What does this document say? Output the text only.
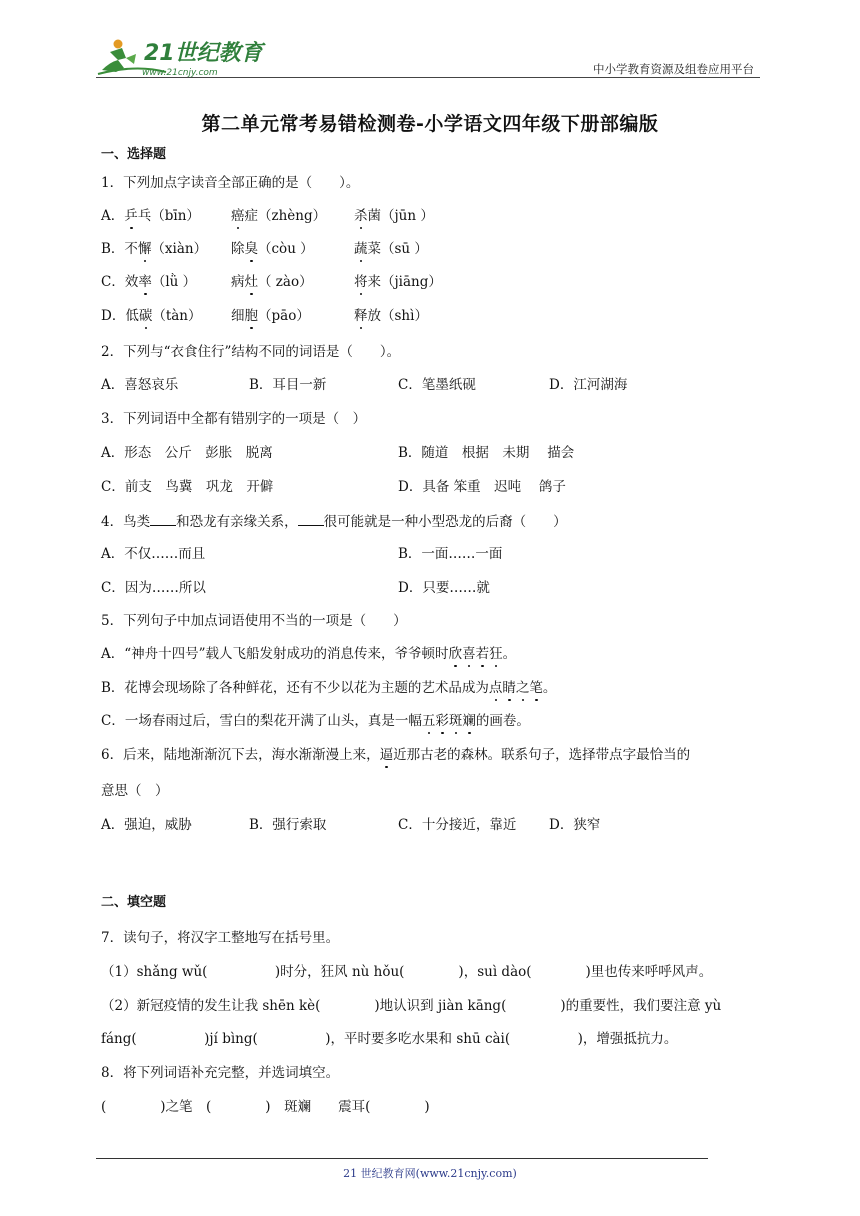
21世纪教育
www.21cnjy.com	中小学教育资源及组卷应用平台
第二单元常考易错检测卷-小学语文四年级下册部编版
一、选择题
1．下列加点字读音全部正确的是（　　）。
A．乒乓（bīn） 癌症（zhèng） 杀菌（jūn ）
B．不懈（xiàn） 除臭（còu ）	蔬菜（sū ）
C．效率（lǜ ）	病灶（ zào）	将来（jiāng）
D．低碳（tàn） 细胞（pāo）	释放（shì）
2．下列与“衣食住行”结构不同的词语是（　　）。
A．喜怒哀乐	B．耳目一新	C．笔墨纸砚	D．江河湖海
3．下列词语中全都有错别字的一项是（　）
A．形态　公斤　彭胀　脱离	B．随道　根据　未期　 描会
C．前支　鸟冀　巩龙　开僻	D．具备 笨重　迟吨　 鸽子
4．鸟类 和恐龙有亲缘关系， 很可能就是一种小型恐龙的后裔（　　）
A．不仅……而且	B．一面……一面
C．因为……所以	D．只要……就
5．下列句子中加点词语使用不当的一项是（　　）
A．“神舟十四号”载人飞船发射成功的消息传来，爷爷顿时欣喜若狂。
B．花博会现场除了各种鲜花，还有不少以花为主题的艺术品成为点睛之笔。
C．一场春雨过后，雪白的梨花开满了山头，真是一幅五彩斑斓的画卷。
6．后来，陆地渐渐沉下去，海水渐渐漫上来，逼近那古老的森林。联系句子，选择带点字最恰当的
意思（　）
A．强迫，威胁	B．强行索取	C．十分接近，靠近 D．狭窄
二、填空题
7．读句子，将汉字工整地写在括号里。
（1）shǎng wǔ(　　　　　)时分，狂风 nù hǒu(　　　　)，suì dào(　　　　)里也传来呼呼风声。
（2）新冠疫情的发生让我 shēn kè(　　　　)地认识到 jiàn kāng(　　　　)的重要性，我们要注意 yù
fáng(　　　　　)jí bìng(　　　　　)，平时要多吃水果和 shū cài(　　　　　)，增强抵抗力。
8．将下列词语补充完整，并选词填空。
(　　　　)之笔　(　　　　)　斑斓　　震耳(　　　　)
21 世纪教育网(www.21cnjy.com)
